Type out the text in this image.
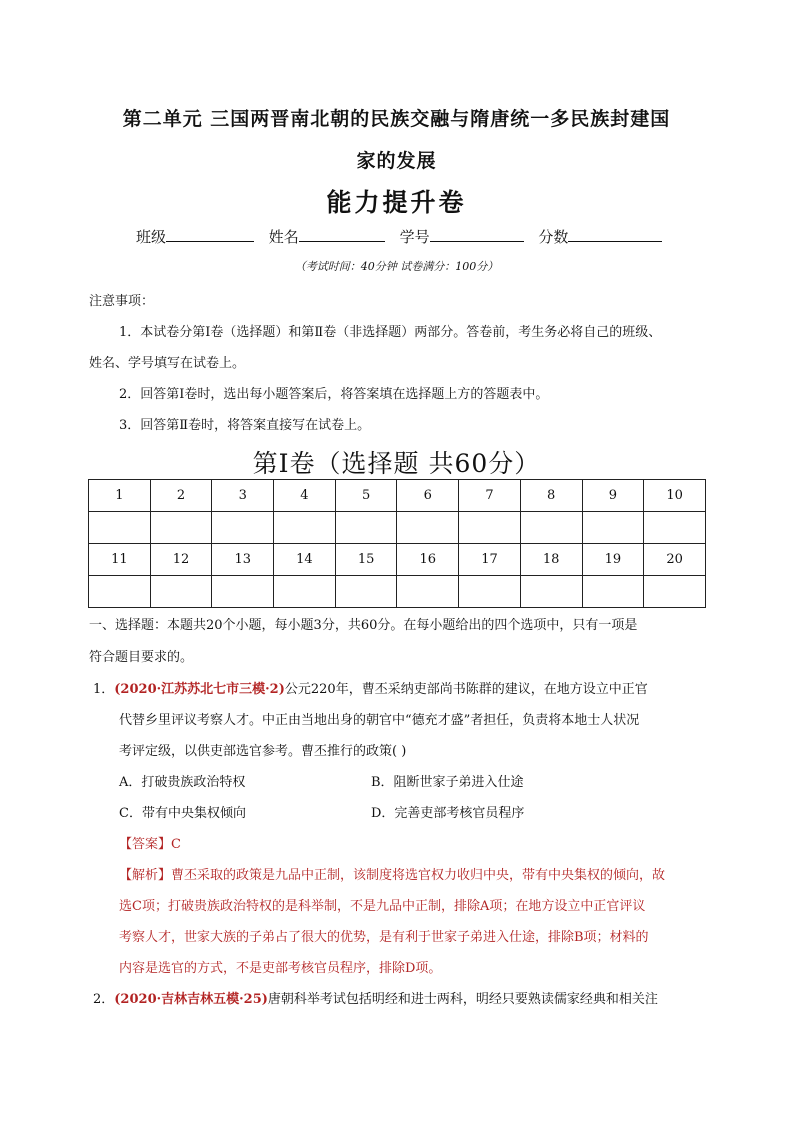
第二单元 三国两晋南北朝的民族交融与隋唐统一多民族封建国
家的发展
能力提升卷
班级	姓名	学号	分数
（考试时间：40分钟 试卷满分：100分）
注意事项：
1．本试卷分第Ⅰ卷（选择题）和第Ⅱ卷（非选择题）两部分。答卷前，考生务必将自己的班级、
姓名、学号填写在试卷上。
2．回答第Ⅰ卷时，选出每小题答案后，将答案填在选择题上方的答题表中。
3．回答第Ⅱ卷时，将答案直接写在试卷上。
第Ⅰ卷（选择题 共60分）
1	2	3	4	5	6	7	8	9	10

11	12	13	14	15	16	17	18	19	20

一、选择题：本题共20个小题，每小题3分，共60分。在每小题给出的四个选项中，只有一项是
符合题目要求的。
1．(2020·江苏苏北七市三模·2)公元220年，曹丕采纳吏部尚书陈群的建议，在地方设立中正官
代替乡里评议考察人才。中正由当地出身的朝官中“德充才盛”者担任，负责将本地士人状况
考评定级，以供吏部选官参考。曹丕推行的政策( )
A．打破贵族政治特权	B．阻断世家子弟进入仕途
C．带有中央集权倾向	D．完善吏部考核官员程序
【答案】C
【解析】曹丕采取的政策是九品中正制，该制度将选官权力收归中央，带有中央集权的倾向，故
选C项；打破贵族政治特权的是科举制，不是九品中正制，排除A项；在地方设立中正官评议
考察人才，世家大族的子弟占了很大的优势，是有利于世家子弟进入仕途，排除B项；材料的
内容是选官的方式，不是吏部考核官员程序，排除D项。
2．(2020·吉林吉林五模·25)唐朝科举考试包括明经和进士两科，明经只要熟读儒家经典和相关注
